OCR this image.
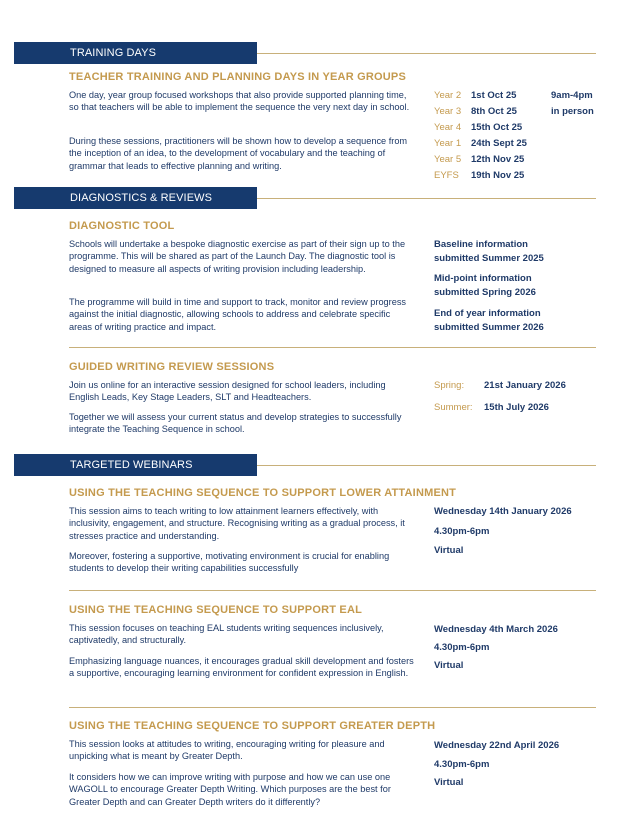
TRAINING DAYS
TEACHER TRAINING AND PLANNING DAYS IN YEAR GROUPS

One day, year group focused workshops that also provide supported planning time, so that teachers will be able to implement the sequence the very next day in school.

During these sessions, practitioners will be shown how to develop a sequence from the inception of an idea, to the development of vocabulary and the teaching of grammar that leads to effective planning and writing.

Year 2 1st Oct 25
Year 3 8th Oct 25
Year 4 15th Oct 25
Year 1 24th Sept 25
Year 5 12th Nov 25
EYFS 19th Nov 25
9am-4pm
in person
DIAGNOSTICS & REVIEWS
DIAGNOSTIC TOOL

Schools will undertake a bespoke diagnostic exercise as part of their sign up to the programme. This will be shared as part of the Launch Day. The diagnostic tool is designed to measure all aspects of writing provision including leadership.

The programme will build in time and support to track, monitor and review progress against the initial diagnostic, allowing schools to address and celebrate specific areas of writing practice and impact.

Baseline information
submitted Summer 2025
Mid-point information
submitted Spring 2026
End of year information
submitted Summer 2026
GUIDED WRITING REVIEW SESSIONS

Join us online for an interactive session designed for school leaders, including English Leads, Key Stage Leaders, SLT and Headteachers.

Together we will assess your current status and develop strategies to successfully integrate the Teaching Sequence in school.

Spring: 21st January 2026
Summer: 15th July 2026
TARGETED WEBINARS
USING THE TEACHING SEQUENCE TO SUPPORT LOWER ATTAINMENT

This session aims to teach writing to low attainment learners effectively, with inclusivity, engagement, and structure. Recognising writing as a gradual process, it stresses practice and understanding.

Moreover, fostering a supportive, motivating environment is crucial for enabling students to develop their writing capabilities successfully

Wednesday 14th January 2026
4.30pm-6pm
Virtual
USING THE TEACHING SEQUENCE TO SUPPORT EAL

This session focuses on teaching EAL students writing sequences inclusively, captivatedly, and structurally.

Emphasizing language nuances, it encourages gradual skill development and fosters a supportive, encouraging learning environment for confident expression in English.

Wednesday 4th March 2026
4.30pm-6pm
Virtual
USING THE TEACHING SEQUENCE TO SUPPORT GREATER DEPTH

This session looks at attitudes to writing, encouraging writing for pleasure and unpicking what is meant by Greater Depth.

It considers how we can improve writing with purpose and how we can use one WAGOLL to encourage Greater Depth Writing. Which purposes are the best for Greater Depth and can Greater Depth writers do it differently?

Wednesday 22nd April 2026
4.30pm-6pm
Virtual
